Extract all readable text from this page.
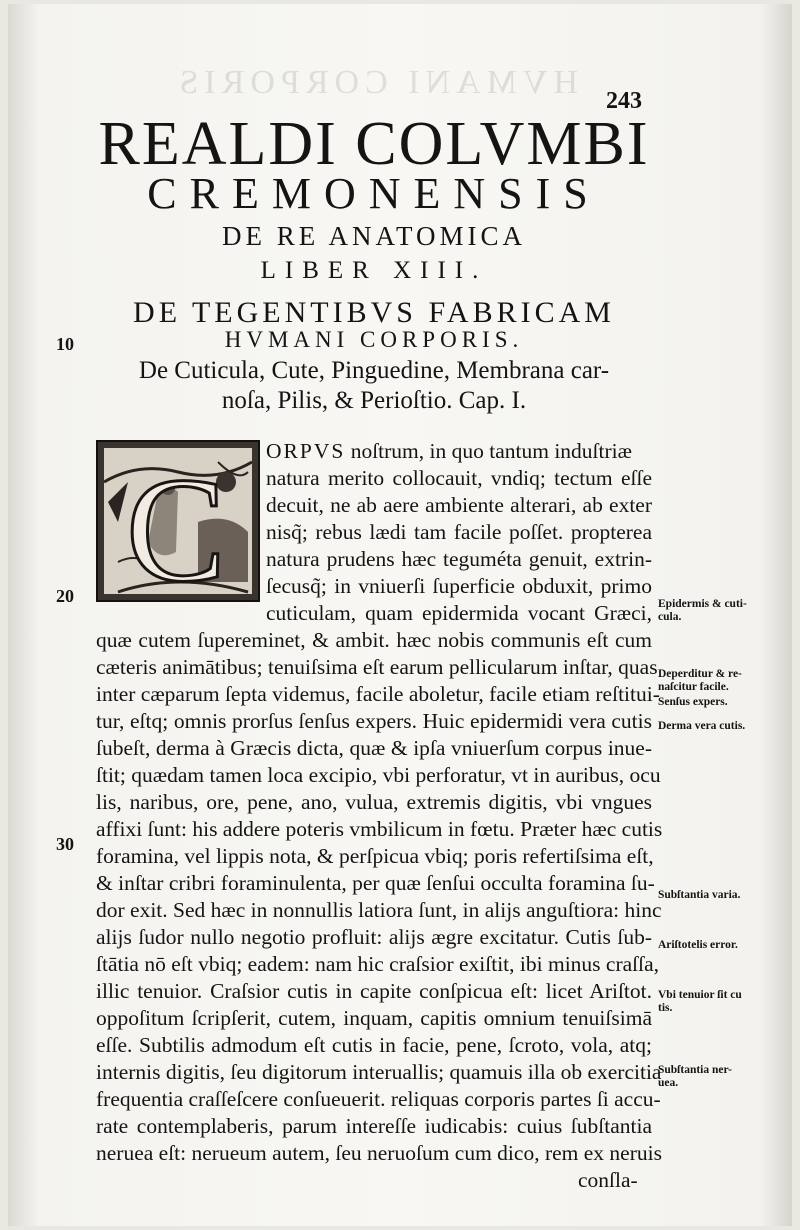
HVMANI CORPORIS 243
REALDI COLVMBI
CREMONENSIS
DE RE ANATOMICA
LIBER XIII.
DE TEGENTIBVS FABRICAM
HVMANI CORPORIS.
De Cuticula, Cute, Pinguedine, Membrana car-
noſa, Pilis, & Perioſtio. Cap. I.
10
20
30
C ORPVS noſtrum, in quo tantum induſtriæ
natura merito collocauit, vndiq; tectum eſſe
decuit, ne ab aere ambiente alterari, ab exter
nisq̃; rebus lædi tam facile poſſet. propterea
natura prudens hæc teguméta genuit, extrin-
ſecusq̃; in vniuerſi ſuperficie obduxit, primo
cuticulam, quam epidermida vocant Græci,
quæ cutem ſupereminet, & ambit. hæc nobis communis eſt cum
cæteris animātibus; tenuiſsima eſt earum pellicularum inſtar, quas
inter cæparum ſepta videmus, facile aboletur, facile etiam reſtitui-
tur, eſtq; omnis prorſus ſenſus expers. Huic epidermidi vera cutis
ſubeſt, derma à Græcis dicta, quæ & ipſa vniuerſum corpus inue-
ſtit; quædam tamen loca excipio, vbi perforatur, vt in auribus, ocu
lis, naribus, ore, pene, ano, vulua, extremis digitis, vbi vngues
affixi ſunt: his addere poteris vmbilicum in fœtu. Præter hæc cutis
foramina, vel lippis nota, & perſpicua vbiq; poris refertiſsima eſt,
& inſtar cribri foraminulenta, per quæ ſenſui occulta foramina ſu-
dor exit. Sed hæc in nonnullis latiora ſunt, in alijs anguſtiora: hinc
alijs ſudor nullo negotio profluit: alijs ægre excitatur. Cutis ſub-
ſtātia nō eſt vbiq; eadem: nam hic craſsior exiſtit, ibi minus craſſa,
illic tenuior. Craſsior cutis in capite conſpicua eſt: licet Ariſtot.
oppoſitum ſcripſerit, cutem, inquam, capitis omnium tenuiſsimā
eſſe. Subtilis admodum eſt cutis in facie, pene, ſcroto, vola, atq;
internis digitis, ſeu digitorum interuallis; quamuis illa ob exercitia
frequentia craſſeſcere conſueuerit. reliquas corporis partes ſi accu-
rate contemplaberis, parum intereſſe iudicabis: cuius ſubſtantia
neruea eſt: nerueum autem, ſeu neruoſum cum dico, rem ex neruis
conſla-
Epidermis & cuti-
cula.
Deperditur & re-
naſcitur facile.
Senſus expers.
Derma vera cutis.
Subſtantia varia.
Ariſtotelis error.
Vbi tenuior ſit cu
tis.
Subſtantia ner-
uea.
